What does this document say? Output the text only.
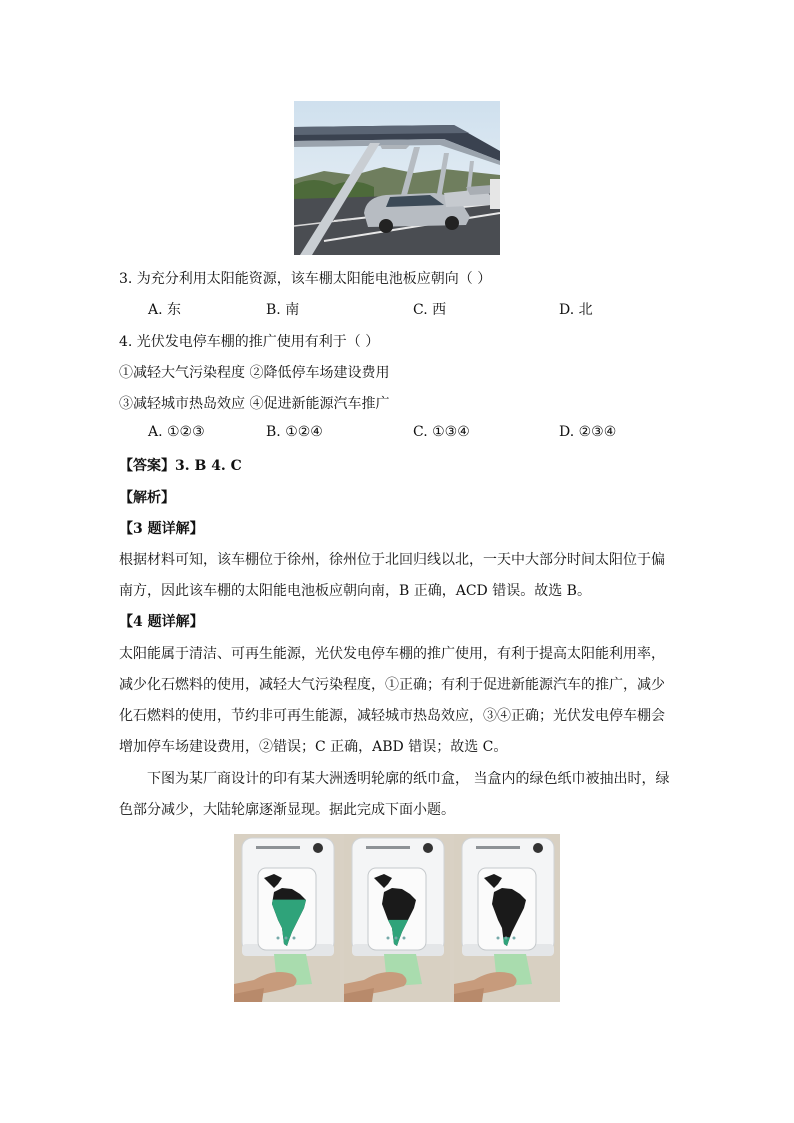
3. 为充分利用太阳能资源，该车棚太阳能电池板应朝向（ ）
A. 东	B. 南	C. 西	D. 北
4. 光伏发电停车棚的推广使用有利于（ ）
①减轻大气污染程度 ②降低停车场建设费用
③减轻城市热岛效应 ④促进新能源汽车推广
A. ①②③	B. ①②④	C. ①③④	D. ②③④
【答案】3. B 4. C
【解析】
【3 题详解】
根据材料可知，该车棚位于徐州，徐州位于北回归线以北，一天中大部分时间太阳位于偏
南方，因此该车棚的太阳能电池板应朝向南，B 正确，ACD 错误。故选 B。
【4 题详解】
太阳能属于清洁、可再生能源，光伏发电停车棚的推广使用，有利于提高太阳能利用率，
减少化石燃料的使用，减轻大气污染程度，①正确；有利于促进新能源汽车的推广，减少
化石燃料的使用，节约非可再生能源，减轻城市热岛效应，③④正确；光伏发电停车棚会
增加停车场建设费用，②错误；C 正确，ABD 错误；故选 C。
下图为某厂商设计的印有某大洲透明轮廓的纸巾盒， 当盒内的绿色纸巾被抽出时，绿
色部分减少，大陆轮廓逐渐显现。据此完成下面小题。
